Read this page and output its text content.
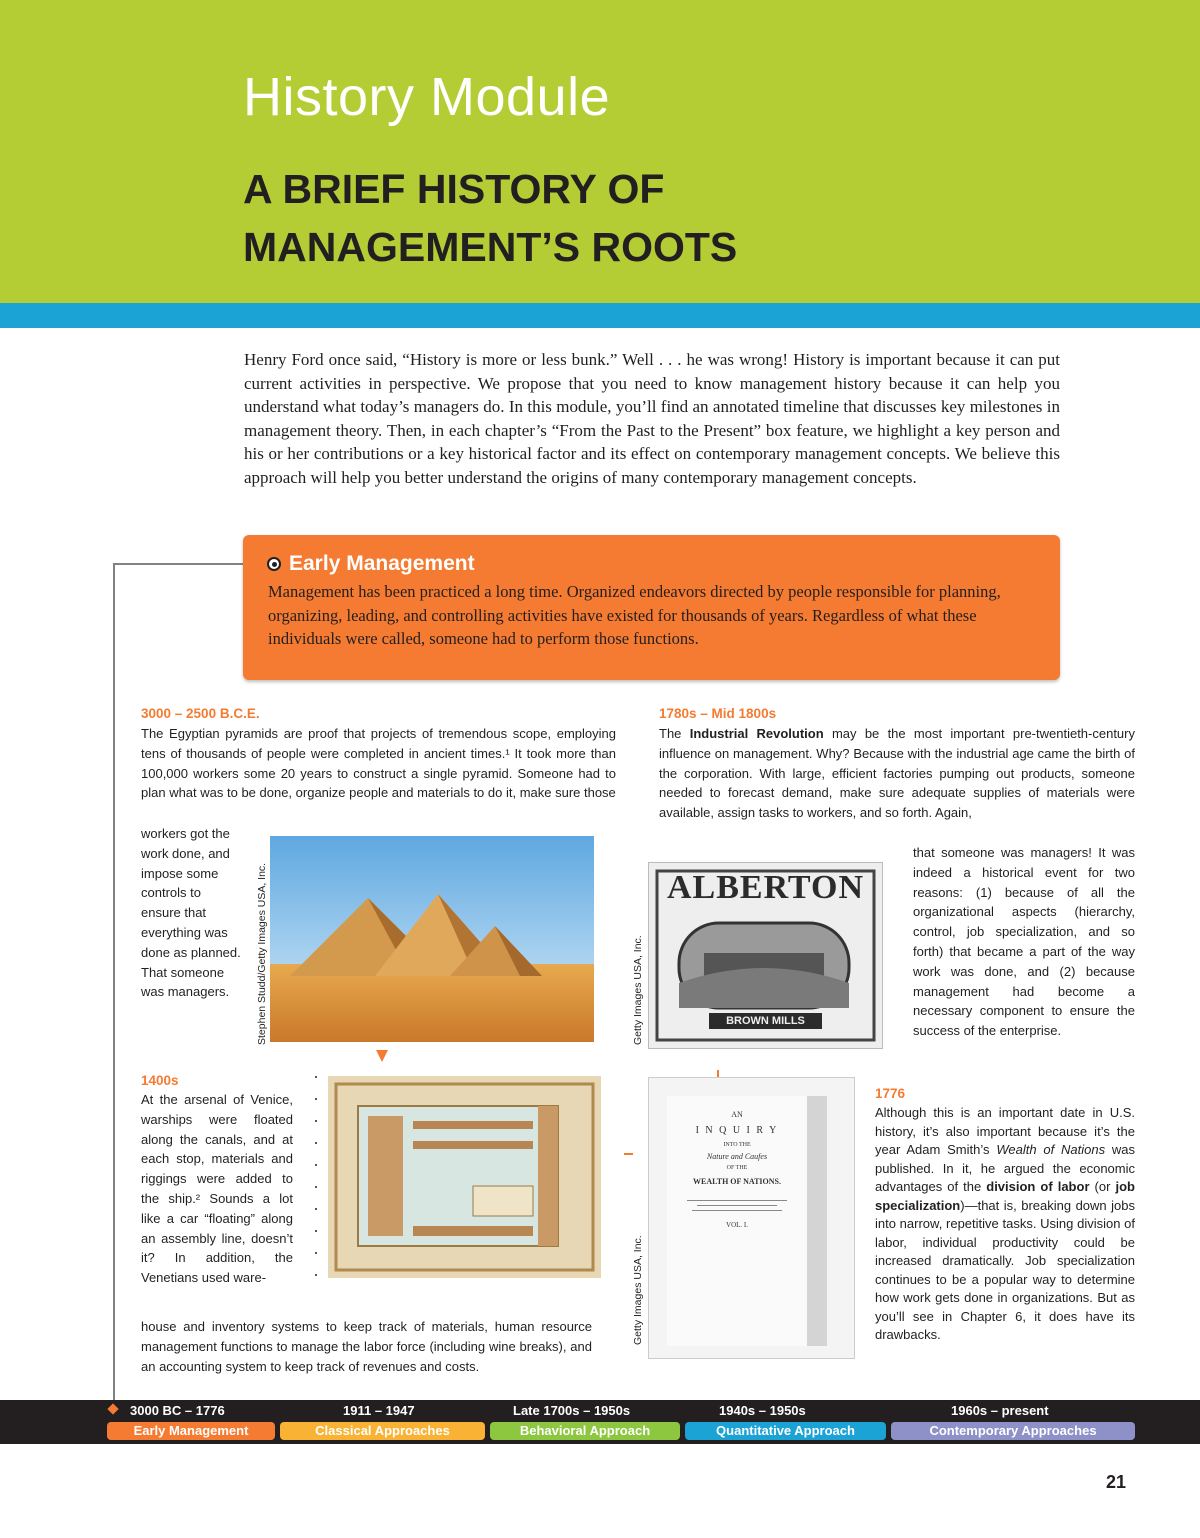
History Module
A BRIEF HISTORY OF
MANAGEMENT’S ROOTS

Henry Ford once said, “History is more or less bunk.” Well . . . he was wrong! History is important because it can put current activities in perspective. We propose that you need to know management history because it can help you understand what today’s managers do. In this module, you’ll find an annotated timeline that discusses key milestones in management theory. Then, in each chapter’s “From the Past to the Present” box feature, we highlight a key person and his or her contributions or a key historical factor and its effect on contemporary management concepts. We believe this approach will help you better understand the origins of many contemporary management concepts.

Early Management

Management has been practiced a long time. Organized endeavors directed by people responsible for planning, organizing, leading, and controlling activities have existed for thousands of years. Regardless of what these individuals were called, someone had to perform those functions.

3000 – 2500 B.C.E.

The Egyptian pyramids are proof that projects of tremendous scope, employing tens of thousands of people were completed in ancient times.¹ It took more than 100,000 workers some 20 years to construct a single pyramid. Someone had to plan what was to be done, organize people and materials to do it, make sure those

workers got the work done, and impose some controls to ensure that everything was done as planned. That someone was managers.	Stephen Studd/Getty Images USA, Inc.
1400s

At the arsenal of Venice, warships were floated along the canals, and at each stop, materials and riggings were added to the ship.² Sounds a lot like a car “floating” along an assembly line, doesn’t it? In addition, the Venetians used ware-

house and inventory systems to keep track of materials, human resource management functions to manage the labor force (including wine breaks), and an accounting system to keep track of revenues and costs.

1780s – Mid 1800s

The Industrial Revolution may be the most important pre-twentieth-century influence on management. Why? Because with the industrial age came the birth of the corporation. With large, efficient factories pumping out products, someone needed to forecast demand, make sure adequate supplies of materials were available, assign tasks to workers, and so forth. Again,

that someone was managers! It was indeed a historical event for two reasons: (1) because of all the organizational aspects (hierarchy, control, job specialization, and so forth) that became a part of the way work was done, and (2) because management had become a necessary component to ensure the success of the enterprise.

Getty Images USA, Inc.
ALBERTON
BROWN MILLS
Getty Images USA, Inc.
AN
I N Q U I R Y
INTO THE
Nature and Caufes
OF THE
WEALTH OF NATIONS.
VOL. I.
1776

Although this is an important date in U.S. history, it’s also important because it’s the year Adam Smith’s Wealth of Nations was published. In it, he argued the economic advantages of the division of labor (or job specialization)—that is, breaking down jobs into narrow, repetitive tasks. Using division of labor, individual productivity could be increased dramatically. Job specialization continues to be a popular way to determine how work gets done in organizations. But as you’ll see in Chapter 6, it does have its drawbacks.

3000 BC – 1776	1911 – 1947	Late 1700s – 1950s	1940s – 1950s	1960s – present
Early Management	Classical Approaches	Behavioral Approach	Quantitative Approach	Contemporary Approaches
21
